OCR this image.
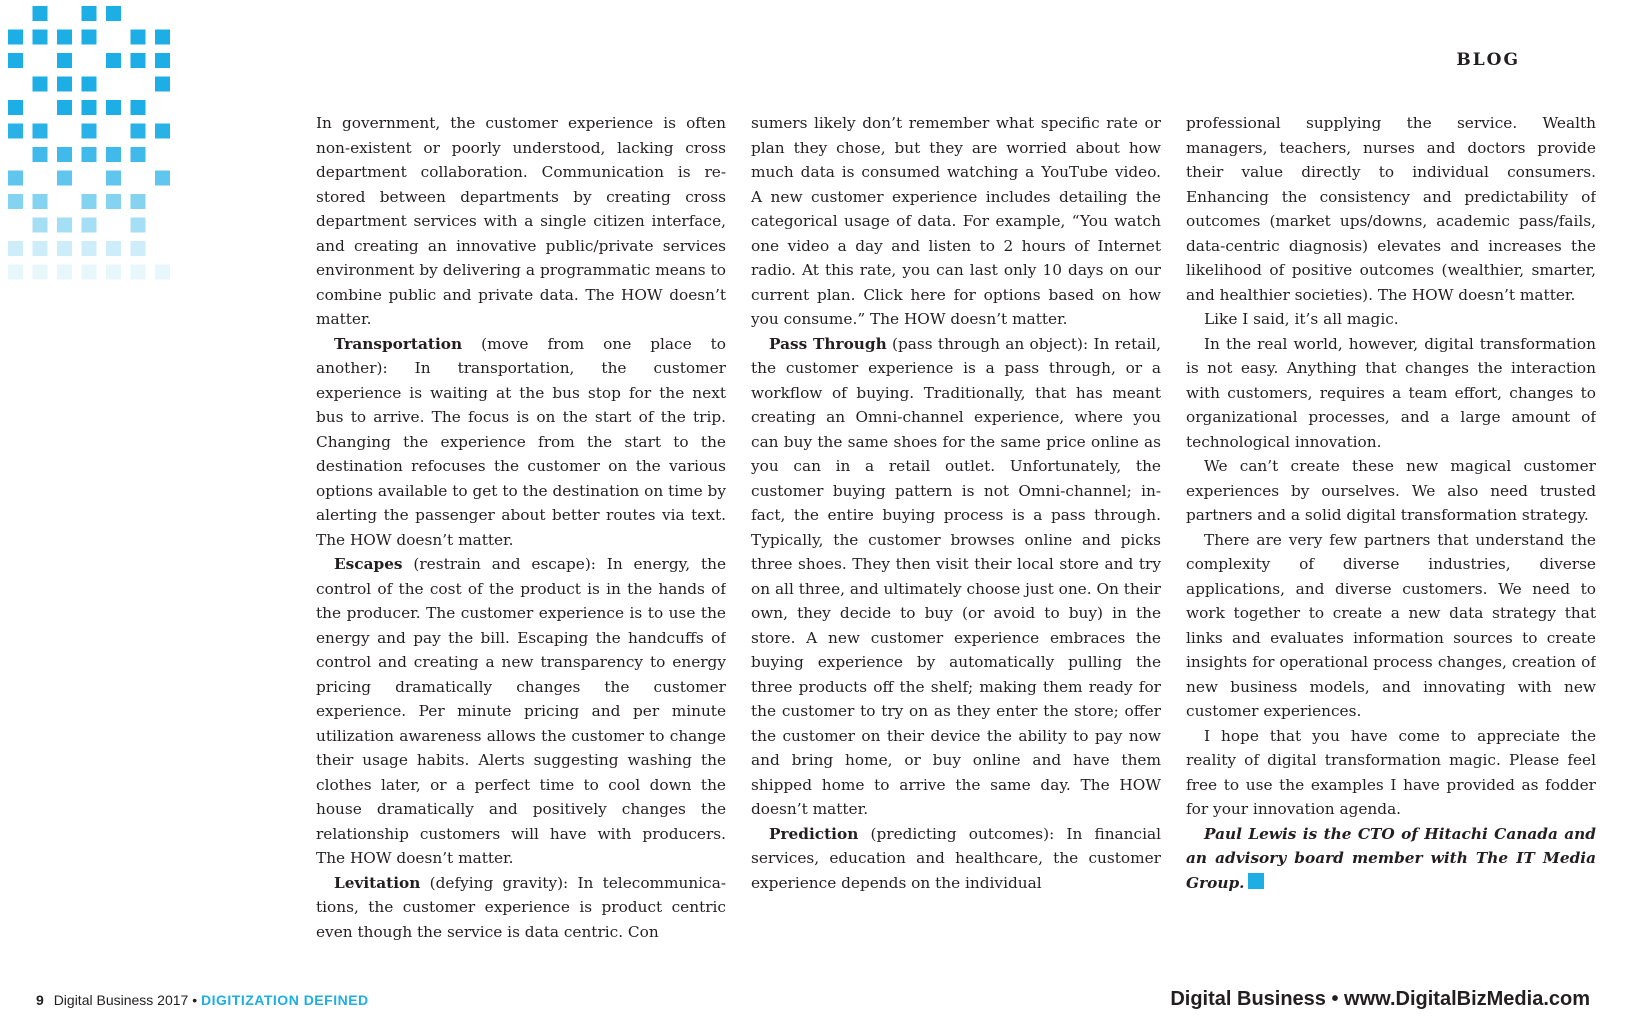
BLOG

In government, the customer experience is often non-existent or poorly understood, lacking cross department collaboration. Communication is restored between departments by creating cross department services with a single citizen interface, and creating an innovative public/private services environment by delivering a programmatic means to combine public and private data. The HOW doesn’t matter.

Transportation (move from one place to another): In transportation, the customer experience is waiting at the bus stop for the next bus to arrive. The focus is on the start of the trip. Changing the experience from the start to the destination refocuses the customer on the various options available to get to the destination on time by alerting the passenger about better routes via text. The HOW doesn’t matter.

Escapes (restrain and escape): In energy, the control of the cost of the product is in the hands of the producer. The customer experience is to use the energy and pay the bill. Escaping the handcuffs of control and creating a new transparency to energy pricing dramatically changes the customer experience. Per minute pricing and per minute utilization awareness allows the customer to change their usage habits. Alerts suggesting washing the clothes later, or a perfect time to cool down the house dramatically and positively changes the relationship customers will have with producers. The HOW doesn’t matter.

Levitation (defying gravity): In telecommunications, the customer experience is product centric even though the service is data centric. Con

sumers likely don’t remember what specific rate or plan they chose, but they are worried about how much data is consumed watching a YouTube video. A new customer experience includes detailing the categorical usage of data. For example, “You watch one video a day and listen to 2 hours of Internet radio. At this rate, you can last only 10 days on our current plan. Click here for options based on how you consume.” The HOW doesn’t matter.

Pass Through (pass through an object): In retail, the customer experience is a pass through, or a workflow of buying. Traditionally, that has meant creating an Omni-channel experience, where you can buy the same shoes for the same price online as you can in a retail outlet. Unfortunately, the customer buying pattern is not Omni-channel; in-fact, the entire buying process is a pass through. Typically, the customer browses online and picks three shoes. They then visit their local store and try on all three, and ultimately choose just one. On their own, they decide to buy (or avoid to buy) in the store. A new customer experience embraces the buying experience by automatically pulling the three products off the shelf; making them ready for the customer to try on as they enter the store; offer the customer on their device the ability to pay now and bring home, or buy online and have them shipped home to arrive the same day. The HOW doesn’t matter.

Prediction (predicting outcomes): In financial services, education and healthcare, the customer experience depends on the individual

professional supplying the service. Wealth managers, teachers, nurses and doctors provide their value directly to individual consumers. Enhancing the consistency and predictability of outcomes (market ups/downs, academic pass/fails, data-centric diagnosis) elevates and increases the likelihood of positive outcomes (wealthier, smarter, and healthier societies). The HOW doesn’t matter.

Like I said, it’s all magic.

In the real world, however, digital transformation is not easy. Anything that changes the interaction with customers, requires a team effort, changes to organizational processes, and a large amount of technological innovation.

We can’t create these new magical customer experiences by ourselves. We also need trusted partners and a solid digital transformation strategy.

There are very few partners that understand the complexity of diverse industries, diverse applications, and diverse customers. We need to work together to create a new data strategy that links and evaluates information sources to create insights for operational process changes, creation of new business models, and innovating with new customer experiences.

I hope that you have come to appreciate the reality of digital transformation magic. Please feel free to use the examples I have provided as fodder for your innovation agenda.

Paul Lewis is the CTO of Hitachi Canada and an advisory board member with The IT Media Group.

9 Digital Business 2017 • DIGITIZATION DEFINED	Digital Business • www.DigitalBizMedia.com
